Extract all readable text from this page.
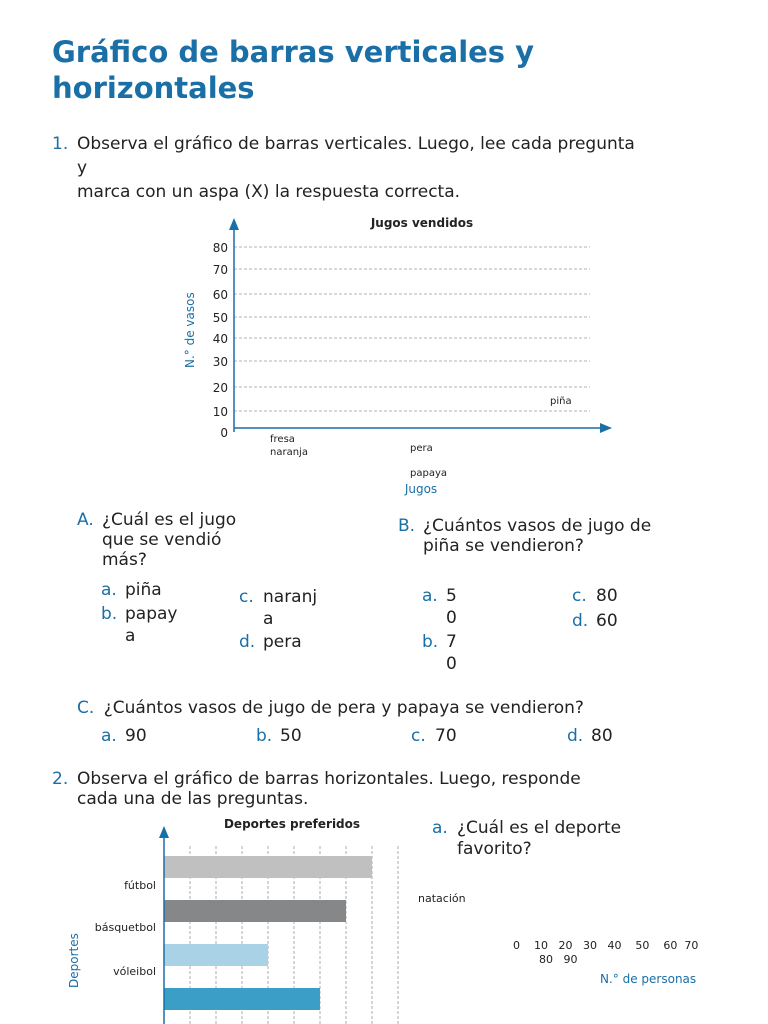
Gráfico de barras verticales y horizontales
1. Observa el gráfico de barras verticales. Luego, lee cada pregunta
y
marca con un aspa (X) la respuesta correcta.
Jugos vendidos
0
10
20
30
40
50
60
70
80
N.° de vasos
fresa
naranja	pera
papaya
piña
Jugos
A. ¿Cuál es el jugo
que se vendió
más?
a. piña
b. papay
a
c. naranj
a
d. pera
B. ¿Cuántos vasos de jugo de
piña se vendieron?
a. 5
0
b. 7
0
c. 80
d. 60
C. ¿Cuántos vasos de jugo de pera y papaya se vendieron?
a. 90	b. 50	c. 70	d. 80
2. Observa el gráfico de barras horizontales. Luego, responde
cada una de las preguntas.
Deportes preferidos
Deportes
fútbol
básquetbol
vóleibol
natación
0    10   20   30   40    50    60  70
80   90
N.° de personas
a. ¿Cuál es el deporte
favorito?
